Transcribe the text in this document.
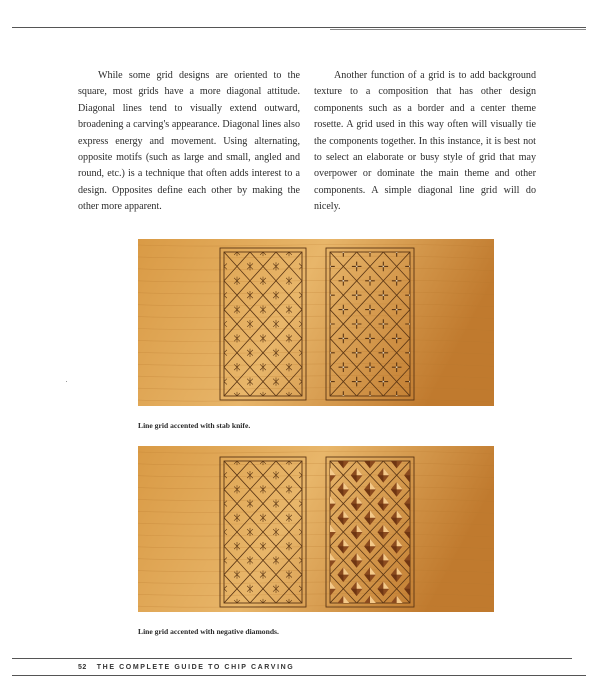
While some grid designs are oriented to the square, most grids have a more diagonal attitude. Diagonal lines tend to visually extend outward, broadening a carving's appearance. Diagonal lines also express energy and movement. Using alternating, opposite motifs (such as large and small, angled and round, etc.) is a technique that often adds interest to a design. Opposites define each other by making the other more apparent.

Another function of a grid is to add background texture to a composition that has other design components such as a border and a center theme rosette. A grid used in this way often will visually tie the components together. In this instance, it is best not to select an elaborate or busy style of grid that may overpower or dominate the main theme and other components. A simple diagonal line grid will do nicely.

Line grid accented with stab knife.
Line grid accented with negative diamonds.
52 THE COMPLETE GUIDE TO CHIP CARVING
